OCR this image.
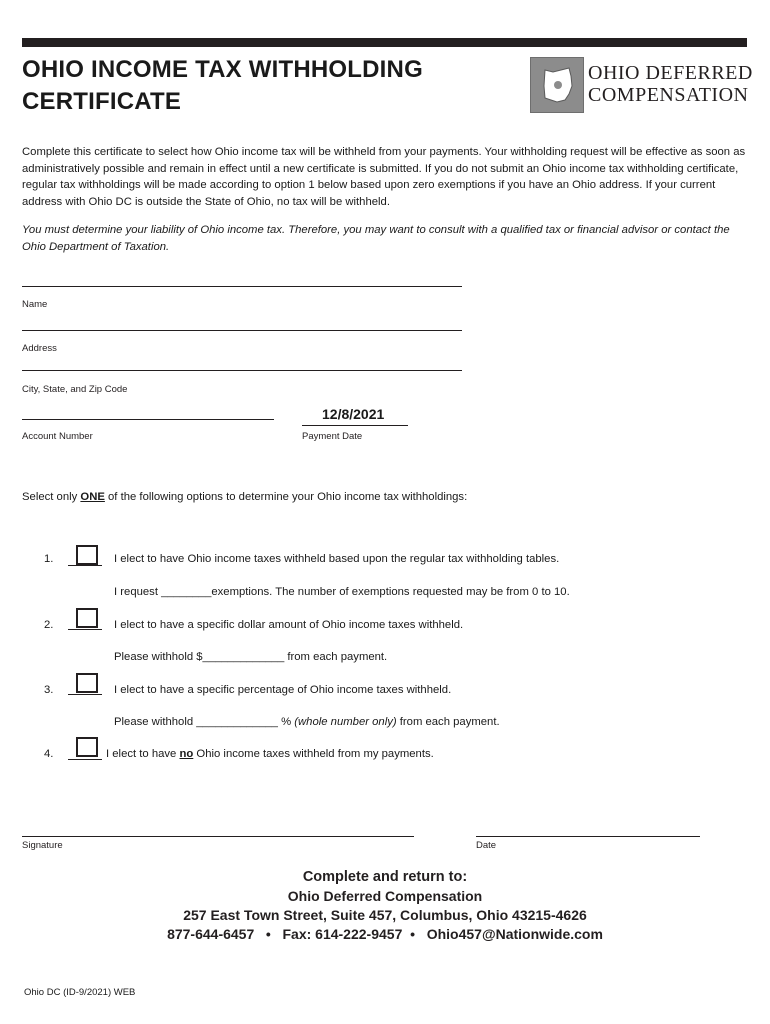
OHIO INCOME TAX WITHHOLDING
CERTIFICATE
OHIO DEFERRED
COMPENSATION
Complete this certificate to select how Ohio income tax will be withheld from your payments. Your withholding request will be effective as soon as administratively possible and remain in effect until a new certificate is submitted. If you do not submit an Ohio income tax withholding certificate, regular tax withholdings will be made according to option 1 below based upon zero exemptions if you have an Ohio address. If your current address with Ohio DC is outside the State of Ohio, no tax will be withheld.
You must determine your liability of Ohio income tax. Therefore, you may want to consult with a qualified tax or financial advisor or contact the Ohio Department of Taxation.
Name
Address
City, State, and Zip Code
Account Number
12/8/2021
Payment Date
Select only ONE of the following options to determine your Ohio income tax withholdings:
1.	I elect to have Ohio income taxes withheld based upon the regular tax withholding tables.
I request ________exemptions. The number of exemptions requested may be from 0 to 10.
2.	I elect to have a specific dollar amount of Ohio income taxes withheld.
Please withhold $_____________ from each payment.
3.	I elect to have a specific percentage of Ohio income taxes withheld.
Please withhold _____________ % (whole number only) from each payment.
4.	I elect to have no Ohio income taxes withheld from my payments.
Signature	Date
Complete and return to:
Ohio Deferred Compensation
257 East Town Street, Suite 457, Columbus, Ohio 43215-4626
877-644-6457   •   Fax: 614-222-9457  •   Ohio457@Nationwide.com
Ohio DC (ID-9/2021) WEB
